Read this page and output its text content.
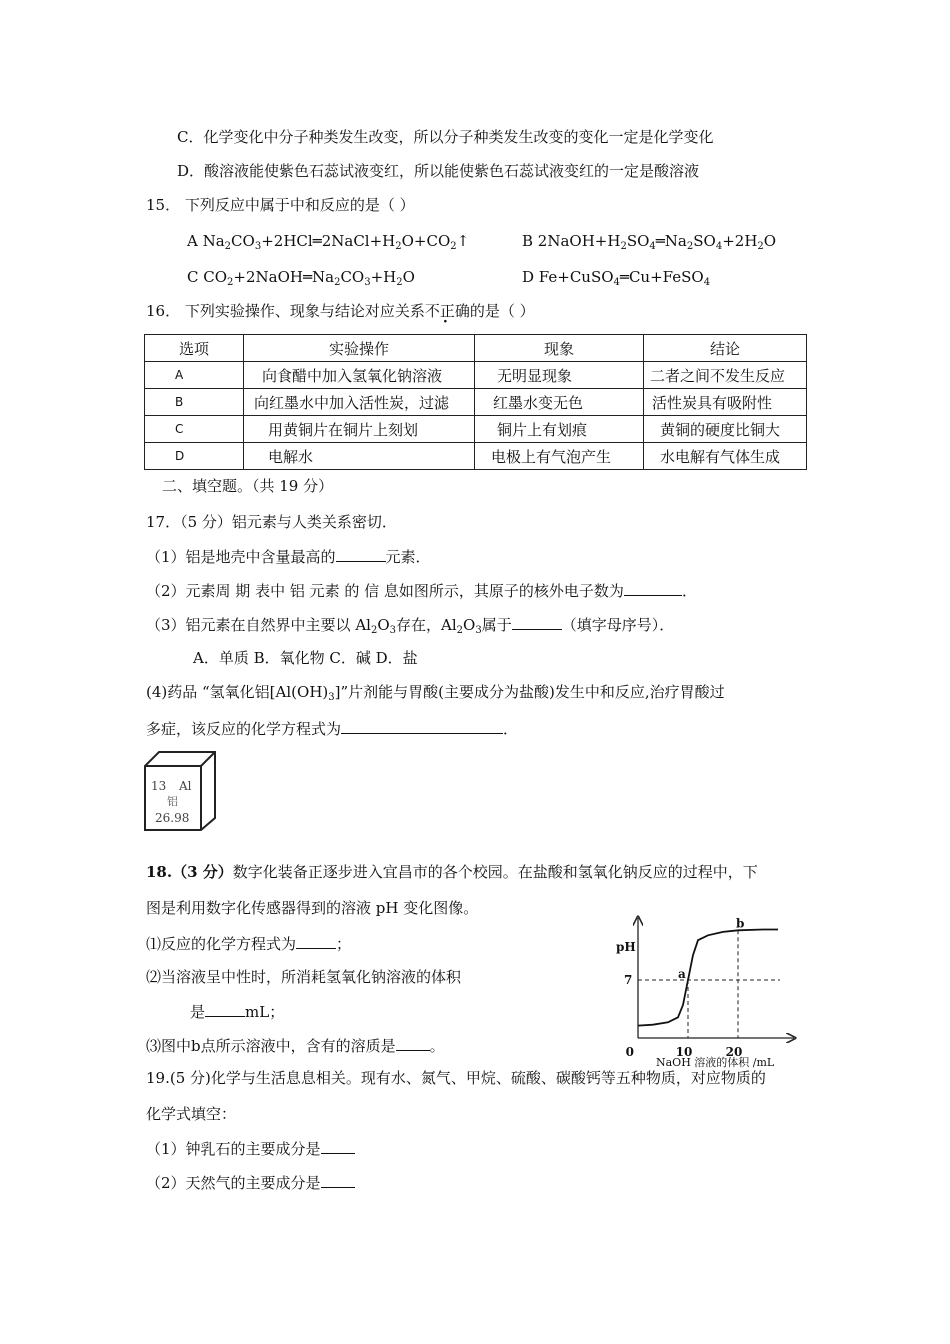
C．化学变化中分子种类发生改变，所以分子种类发生改变的变化一定是化学变化
D．酸溶液能使紫色石蕊试液变红，所以能使紫色石蕊试液变红的一定是酸溶液
15． 下列反应中属于中和反应的是（ ）
A $Na_2CO_3+2HCl═2NaCl+H_2O+CO_2↑$	B $2NaOH+H_2SO_4═Na_2SO_4+2H_2O$
C $CO_2+2NaOH═Na_2CO_3+H_2O$	D Fe+CuSO$_4$═Cu+FeSO$_4$
16． 下列实验操作、现象与结论对应关系不正确的是（ ）
选项	实验操作	现象	结论
A	向食醋中加入氢氧化钠溶液	无明显现象	二者之间不发生反应
B	向红墨水中加入活性炭，过滤	红墨水变无色	活性炭具有吸附性
C	用黄铜片在铜片上刻划	铜片上有划痕	黄铜的硬度比铜大
D	电解水	电极上有气泡产生	水电解有气体生成
二、填空题。（共 19 分）
17．（5 分）铝元素与人类关系密切．
（1）铝是地壳中含量最高的	元素．
（2）元素周 期 表中 铝 元素 的 信 息如图所示，其原子的核外电子数为	．
（3）铝元素在自然界中主要以 $Al_2O_3$存在，$Al_2O_3$属于	（填字母序号）．
A．单质 B．氧化物 C．碱 D．盐
(4)药品 “氢氧化铝$[Al(OH)_3]$”片剂能与胃酸(主要成分为盐酸)发生中和反应,治疗胃酸过
多症，该反应的化学方程式为	．
13 Al
铝
26.98
18.（3 分）数字化装备正逐步进入宜昌市的各个校园。在盐酸和氢氧化钠反应的过程中，下
图是利用数字化传感器得到的溶液 pH 变化图像。
⑴反应的化学方程式为	；
⑵当溶液呈中性时，所消耗氢氧化钠溶液的体积
是	mL；
⑶图中b点所示溶液中，含有的溶质是 。
pH
7
0	10	20
a
b
NaOH 溶液的体积 /mL
19.(5 分)化学与生活息息相关。现有水、氮气、甲烷、硫酸、碳酸钙等五种物质，对应物质的
化学式填空：
（1）钟乳石的主要成分是
（2）天然气的主要成分是
